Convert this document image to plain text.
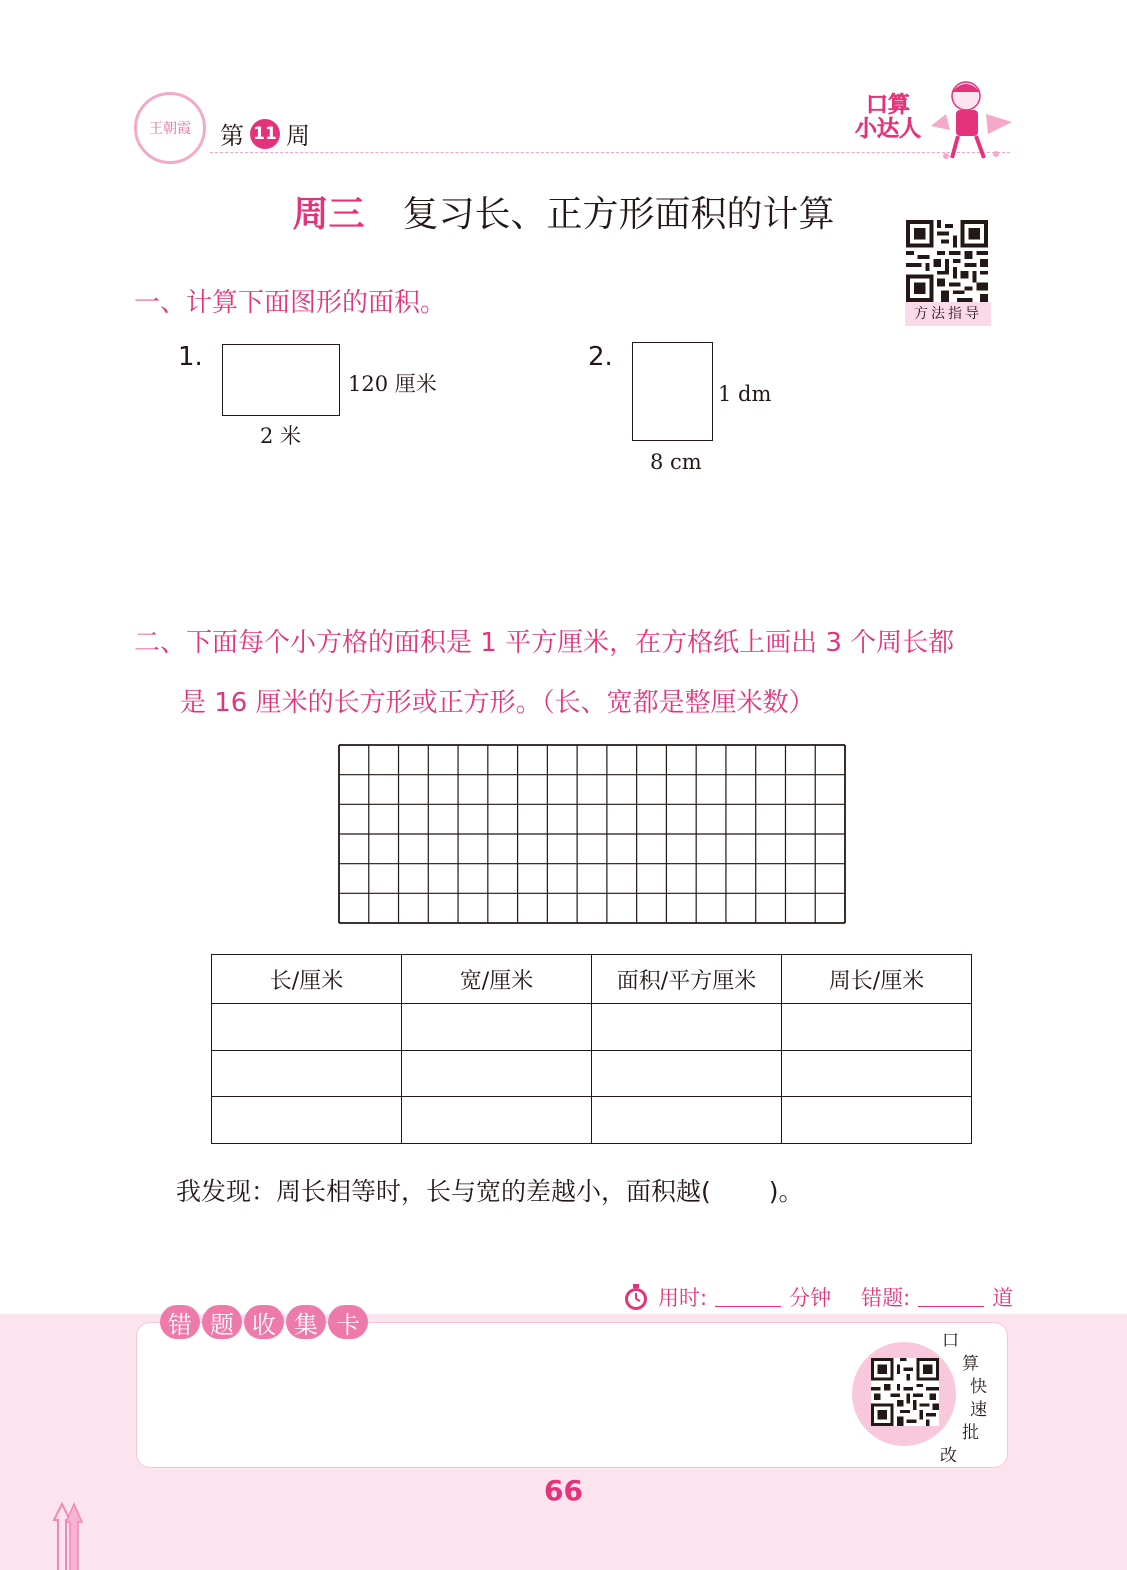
王朝霞 第 11 周
口算
小达人
周三 复习长、正方形面积的计算
方法指导
一、计算下面图形的面积。
1.
120 厘米
2 米
2.
1 dm
8 cm
二、下面每个小方格的面积是 1 平方厘米，在方格纸上画出 3 个周长都
是 16 厘米的长方形或正方形。（长、宽都是整厘米数）
长/厘米	宽/厘米	面积/平方厘米	周长/厘米

我发现：周长相等时，长与宽的差越小，面积越(　　 )。
用时:	分钟 错题:	道
错 题 收 集 卡
口
算
快
速
批
改
66
